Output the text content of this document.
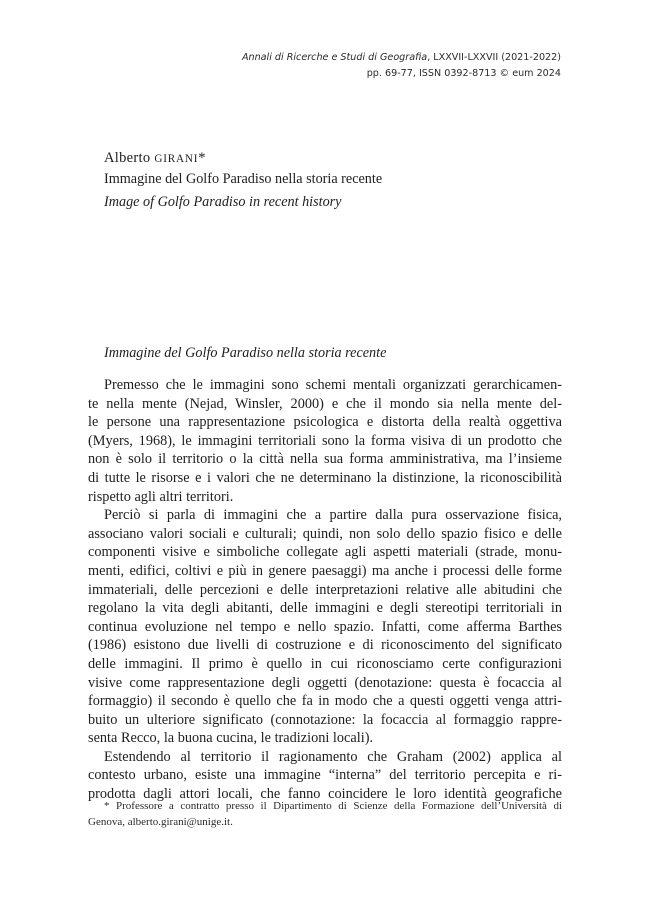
Annali di Ricerche e Studi di Geografia, LXXVII-LXXVII (2021-2022)
pp. 69-77, ISSN 0392-8713 © eum 2024
Alberto GIRANI*
Immagine del Golfo Paradiso nella storia recente
Image of Golfo Paradiso in recent history
Immagine del Golfo Paradiso nella storia recente
Premesso che le immagini sono schemi mentali organizzati gerarchicamen-
te nella mente (Nejad, Winsler, 2000) e che il mondo sia nella mente del-
le persone una rappresentazione psicologica e distorta della realtà oggettiva
(Myers, 1968), le immagini territoriali sono la forma visiva di un prodotto che
non è solo il territorio o la città nella sua forma amministrativa, ma l’insieme
di tutte le risorse e i valori che ne determinano la distinzione, la riconoscibilità
rispetto agli altri territori.
Perciò si parla di immagini che a partire dalla pura osservazione fisica,
associano valori sociali e culturali; quindi, non solo dello spazio fisico e delle
componenti visive e simboliche collegate agli aspetti materiali (strade, monu-
menti, edifici, coltivi e più in genere paesaggi) ma anche i processi delle forme
immateriali, delle percezioni e delle interpretazioni relative alle abitudini che
regolano la vita degli abitanti, delle immagini e degli stereotipi territoriali in
continua evoluzione nel tempo e nello spazio. Infatti, come afferma Barthes
(1986) esistono due livelli di costruzione e di riconoscimento del significato
delle immagini. Il primo è quello in cui riconosciamo certe configurazioni
visive come rappresentazione degli oggetti (denotazione: questa è focaccia al
formaggio) il secondo è quello che fa in modo che a questi oggetti venga attri-
buito un ulteriore significato (connotazione: la focaccia al formaggio rappre-
senta Recco, la buona cucina, le tradizioni locali).
Estendendo al territorio il ragionamento che Graham (2002) applica al
contesto urbano, esiste una immagine “interna” del territorio percepita e ri-
prodotta dagli attori locali, che fanno coincidere le loro identità geografiche
* Professore a contratto presso il Dipartimento di Scienze della Formazione dell’Università di
Genova, alberto.girani@unige.it.
